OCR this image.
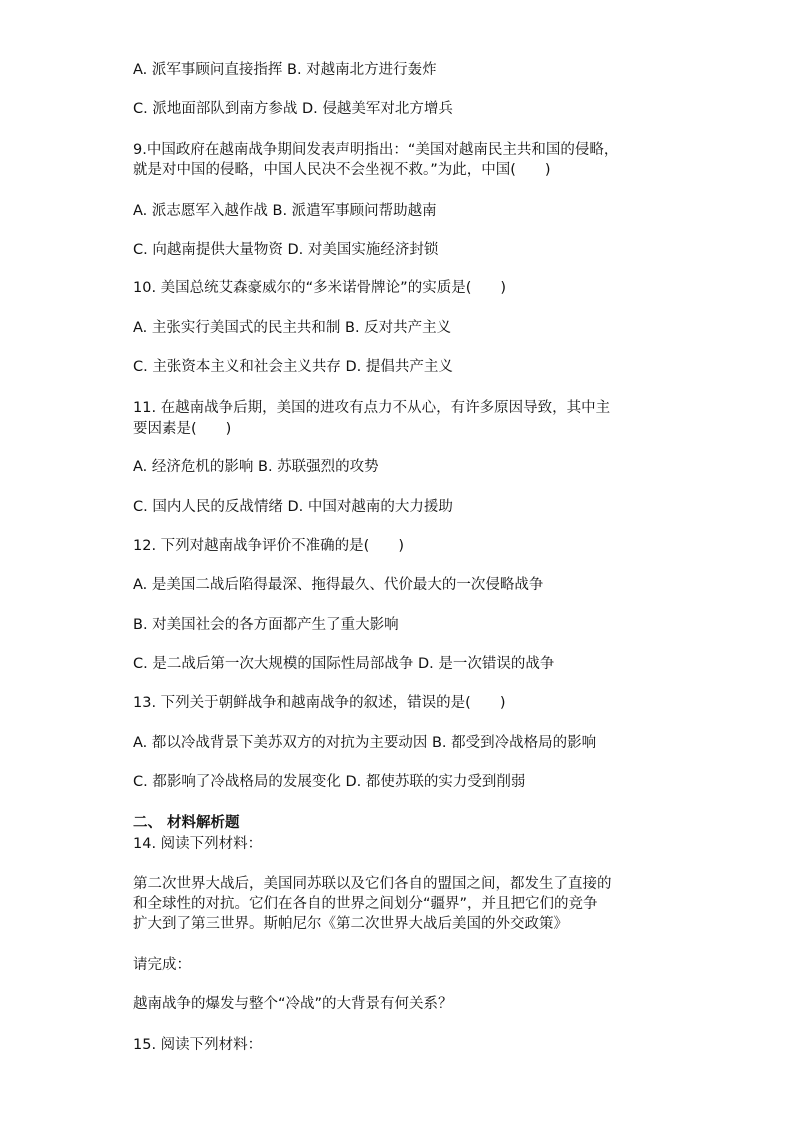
A. 派军事顾问直接指挥 B. 对越南北方进行轰炸
C. 派地面部队到南方参战 D. 侵越美军对北方增兵
9.中国政府在越南战争期间发表声明指出：“美国对越南民主共和国的侵略，
就是对中国的侵略，中国人民决不会坐视不救。”为此，中国(　　)
A. 派志愿军入越作战 B. 派遣军事顾问帮助越南
C. 向越南提供大量物资 D. 对美国实施经济封锁
10. 美国总统艾森豪威尔的“多米诺骨牌论”的实质是(　　)
A. 主张实行美国式的民主共和制 B. 反对共产主义
C. 主张资本主义和社会主义共存 D. 提倡共产主义
11. 在越南战争后期，美国的进攻有点力不从心，有许多原因导致，其中主
要因素是(　　)
A. 经济危机的影响 B. 苏联强烈的攻势
C. 国内人民的反战情绪 D. 中国对越南的大力援助
12. 下列对越南战争评价不准确的是(　　)
A. 是美国二战后陷得最深、拖得最久、代价最大的一次侵略战争
B. 对美国社会的各方面都产生了重大影响
C. 是二战后第一次大规模的国际性局部战争 D. 是一次错误的战争
13. 下列关于朝鲜战争和越南战争的叙述，错误的是(　　)
A. 都以冷战背景下美苏双方的对抗为主要动因 B. 都受到冷战格局的影响
C. 都影响了冷战格局的发展变化 D. 都使苏联的实力受到削弱
二、 材料解析题
14. 阅读下列材料：
第二次世界大战后，美国同苏联以及它们各自的盟国之间，都发生了直接的
和全球性的对抗。它们在各自的世界之间划分“疆界”，并且把它们的竞争
扩大到了第三世界。斯帕尼尔《第二次世界大战后美国的外交政策》
请完成：
越南战争的爆发与整个“冷战”的大背景有何关系？
15. 阅读下列材料：
